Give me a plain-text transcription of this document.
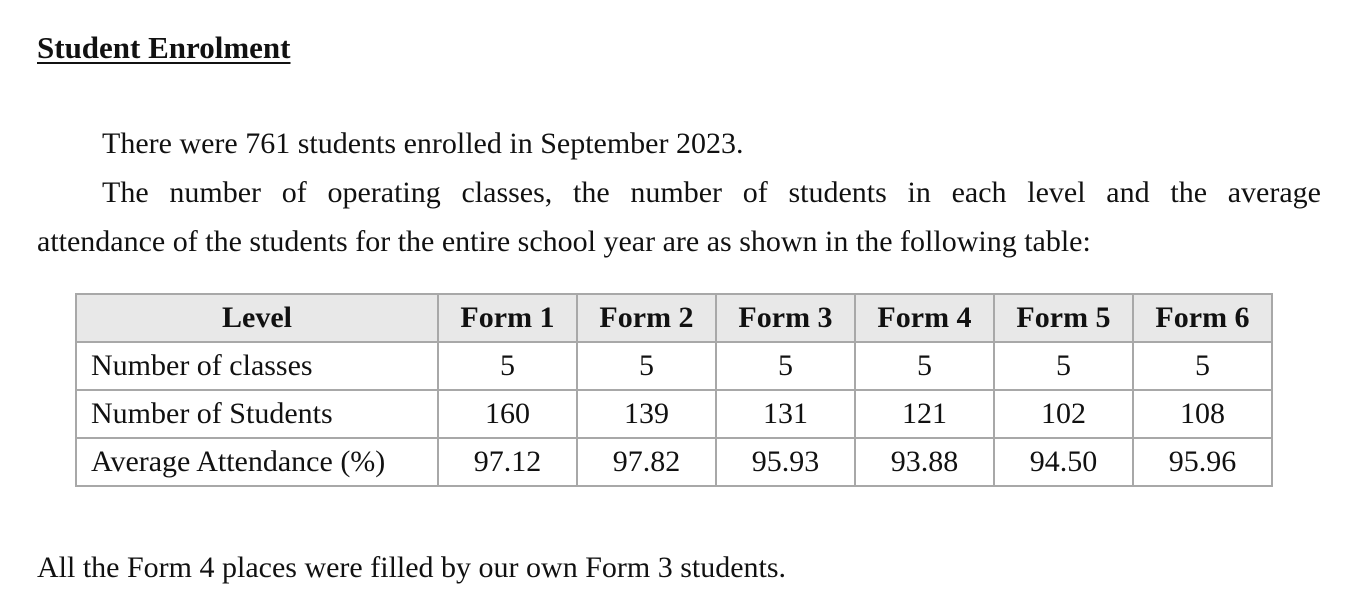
Student Enrolment
There were 761 students enrolled in September 2023.
The number of operating classes, the number of students in each level and the average
attendance of the students for the entire school year are as shown in the following table:
Level	Form 1	Form 2	Form 3	Form 4	Form 5	Form 6
Number of classes	5	5	5	5	5	5
Number of Students	160	139	131	121	102	108
Average Attendance (%)	97.12	97.82	95.93	93.88	94.50	95.96
All the Form 4 places were filled by our own Form 3 students.
